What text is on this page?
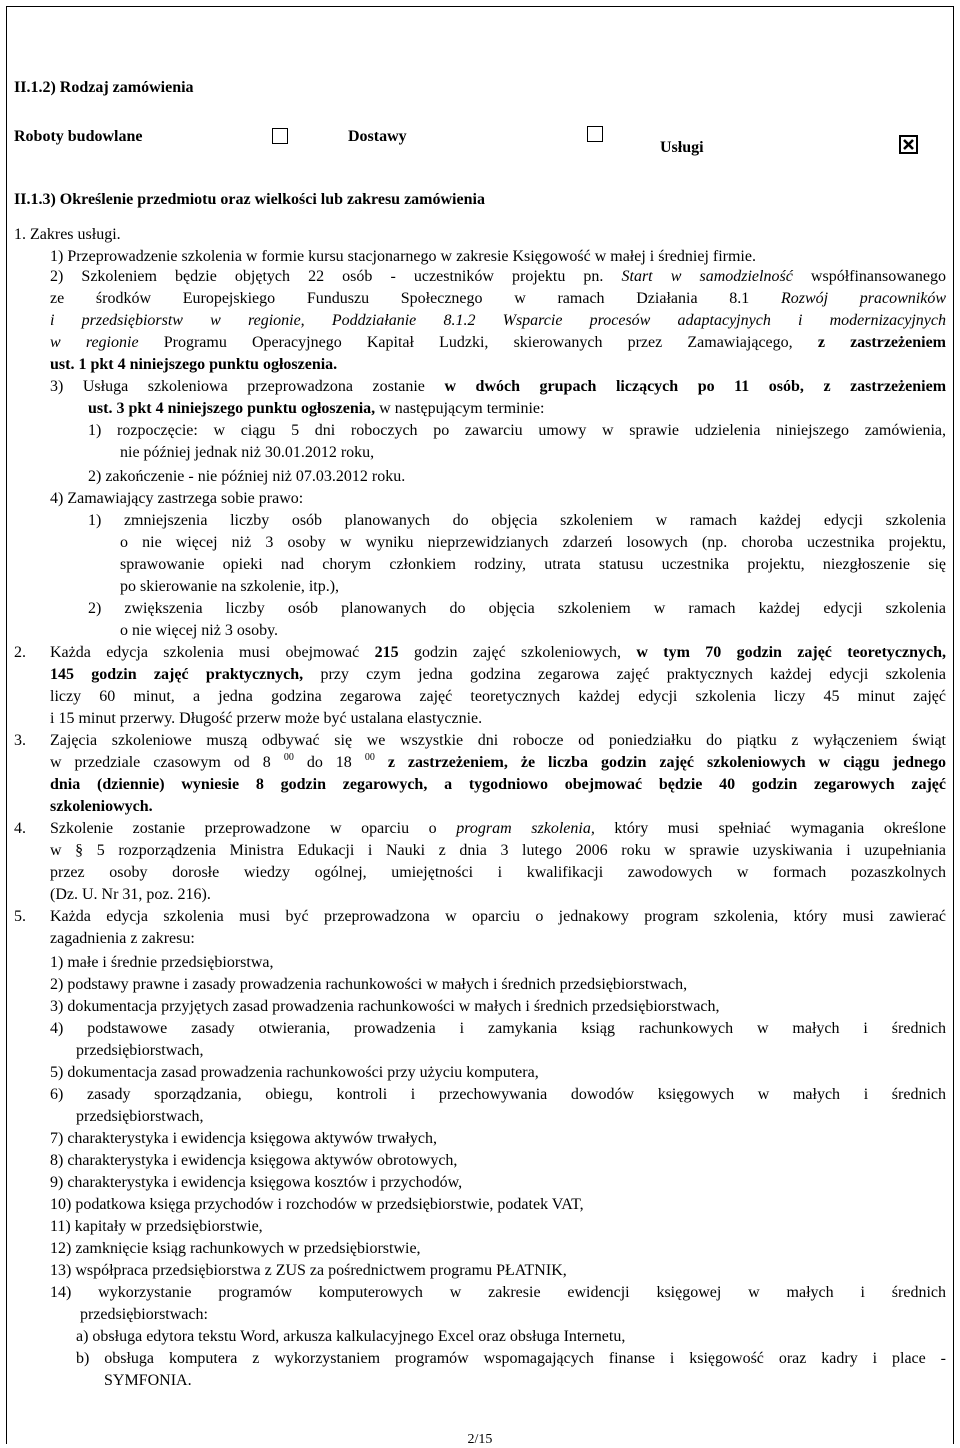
II.1.2) Rodzaj zamówienia
Roboty budowlane	Dostawy
Usługi
II.1.3) Określenie przedmiotu oraz wielkości lub zakresu zamówienia
1. Zakres usługi.
1) Przeprowadzenie szkolenia w formie kursu stacjonarnego w zakresie Księgowość w małej i średniej firmie.
2) Szkoleniem będzie objętych 22 osób - uczestników projektu pn. Start w samodzielność współfinansowanego
ze środków Europejskiego Funduszu Społecznego w ramach Działania 8.1 Rozwój pracowników
i przedsiębiorstw w regionie, Poddziałanie 8.1.2 Wsparcie procesów adaptacyjnych i modernizacyjnych
w regionie Programu Operacyjnego Kapitał Ludzki, skierowanych przez Zamawiającego, z zastrzeżeniem
ust. 1 pkt 4 niniejszego punktu ogłoszenia.
3) Usługa szkoleniowa przeprowadzona zostanie w dwóch grupach liczących po 11 osób, z zastrzeżeniem
ust. 3 pkt 4 niniejszego punktu ogłoszenia, w następującym terminie:
1) rozpoczęcie: w ciągu 5 dni roboczych po zawarciu umowy w sprawie udzielenia niniejszego zamówienia,
nie później jednak niż 30.01.2012 roku,
2) zakończenie - nie później niż 07.03.2012 roku.
4) Zamawiający zastrzega sobie prawo:
1) zmniejszenia liczby osób planowanych do objęcia szkoleniem w ramach każdej edycji szkolenia
o nie więcej niż 3 osoby w wyniku nieprzewidzianych zdarzeń losowych (np. choroba uczestnika projektu,
sprawowanie opieki nad chorym członkiem rodziny, utrata statusu uczestnika projektu, niezgłoszenie się
po skierowanie na szkolenie, itp.),
2) zwiększenia liczby osób planowanych do objęcia szkoleniem w ramach każdej edycji szkolenia
o nie więcej niż 3 osoby.
2. Każda edycja szkolenia musi obejmować 215 godzin zajęć szkoleniowych, w tym 70 godzin zajęć teoretycznych,
145 godzin zajęć praktycznych, przy czym jedna godzina zegarowa zajęć praktycznych każdej edycji szkolenia
liczy 60 minut, a jedna godzina zegarowa zajęć teoretycznych każdej edycji szkolenia liczy 45 minut zajęć
i 15 minut przerwy. Długość przerw może być ustalana elastycznie.
3. Zajęcia szkoleniowe muszą odbywać się we wszystkie dni robocze od poniedziałku do piątku z wyłączeniem świąt
w przedziale czasowym od 8 $^{00}$ do 18 $^{00}$ z zastrzeżeniem, że liczba godzin zajęć szkoleniowych w ciągu jednego
dnia (dziennie) wyniesie 8 godzin zegarowych, a tygodniowo obejmować będzie 40 godzin zegarowych zajęć
szkoleniowych.
4. Szkolenie zostanie przeprowadzone w oparciu o program szkolenia, który musi spełniać wymagania określone
w § 5 rozporządzenia Ministra Edukacji i Nauki z dnia 3 lutego 2006 roku w sprawie uzyskiwania i uzupełniania
przez osoby dorosłe wiedzy ogólnej, umiejętności i kwalifikacji zawodowych w formach pozaszkolnych
(Dz. U. Nr 31, poz. 216).
5. Każda edycja szkolenia musi być przeprowadzona w oparciu o jednakowy program szkolenia, który musi zawierać
zagadnienia z zakresu:
1) małe i średnie przedsiębiorstwa,
2) podstawy prawne i zasady prowadzenia rachunkowości w małych i średnich przedsiębiorstwach,
3) dokumentacja przyjętych zasad prowadzenia rachunkowości w małych i średnich przedsiębiorstwach,
4) podstawowe zasady otwierania, prowadzenia i zamykania ksiąg rachunkowych w małych i średnich
przedsiębiorstwach,
5) dokumentacja zasad prowadzenia rachunkowości przy użyciu komputera,
6) zasady sporządzania, obiegu, kontroli i przechowywania dowodów księgowych w małych i średnich
przedsiębiorstwach,
7) charakterystyka i ewidencja księgowa aktywów trwałych,
8) charakterystyka i ewidencja księgowa aktywów obrotowych,
9) charakterystyka i ewidencja księgowa kosztów i przychodów,
10) podatkowa księga przychodów i rozchodów w przedsiębiorstwie, podatek VAT,
11) kapitały w przedsiębiorstwie,
12) zamknięcie ksiąg rachunkowych w przedsiębiorstwie,
13) współpraca przedsiębiorstwa z ZUS za pośrednictwem programu PŁATNIK,
14) wykorzystanie programów komputerowych w zakresie ewidencji księgowej w małych i średnich
przedsiębiorstwach:
a) obsługa edytora tekstu Word, arkusza kalkulacyjnego Excel oraz obsługa Internetu,
b) obsługa komputera z wykorzystaniem programów wspomagających finanse i księgowość oraz kadry i place -
SYMFONIA.
2/15
